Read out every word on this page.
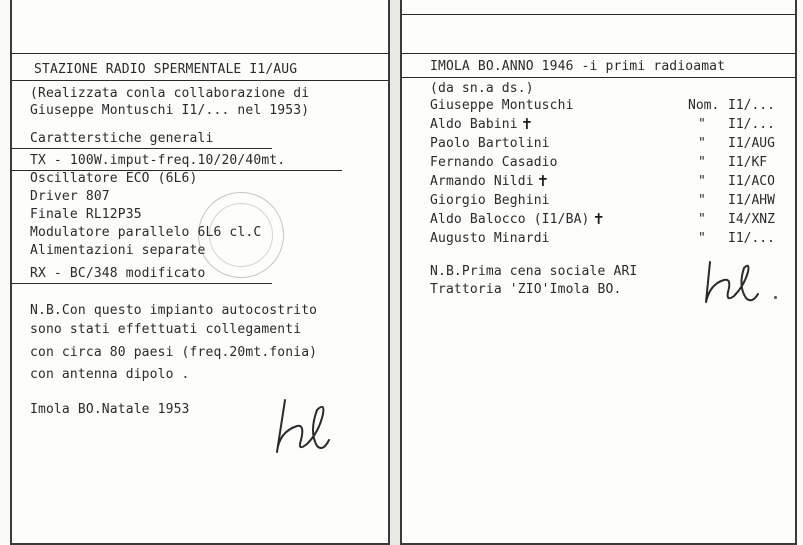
STAZIONE RADIO SPERMENTALE I1/AUG
(Realizzata conla collaborazione di
Giuseppe Montuschi I1/... nel 1953)
Caratterstiche generali
TX - 100W.imput-freq.10/20/40mt.
Oscillatore ECO (6L6)
Driver 807
Finale RL12P35
Modulatore parallelo 6L6 cl.C
Alimentazioni separate
RX - BC/348 modificato
N.B.Con questo impianto autocostrito
sono stati effettuati collegamenti
con circa 80 paesi (freq.20mt.fonia)
con antenna dipolo .
Imola BO.Natale 1953
IMOLA BO.ANNO 1946 -i primi radioamat
(da sn.a ds.)
Giuseppe Montuschi	Nom. I1/...
Aldo Babini ✝	" I1/...
Paolo Bartolini	" I1/AUG
Fernando Casadio	" I1/KF
Armando Nildi ✝	" I1/ACO
Giorgio Beghini	" I1/AHW
Aldo Balocco (I1/BA) ✝	" I4/XNZ
Augusto Minardi	" I1/...
N.B.Prima cena sociale ARI
Trattoria 'ZIO'Imola BO.
